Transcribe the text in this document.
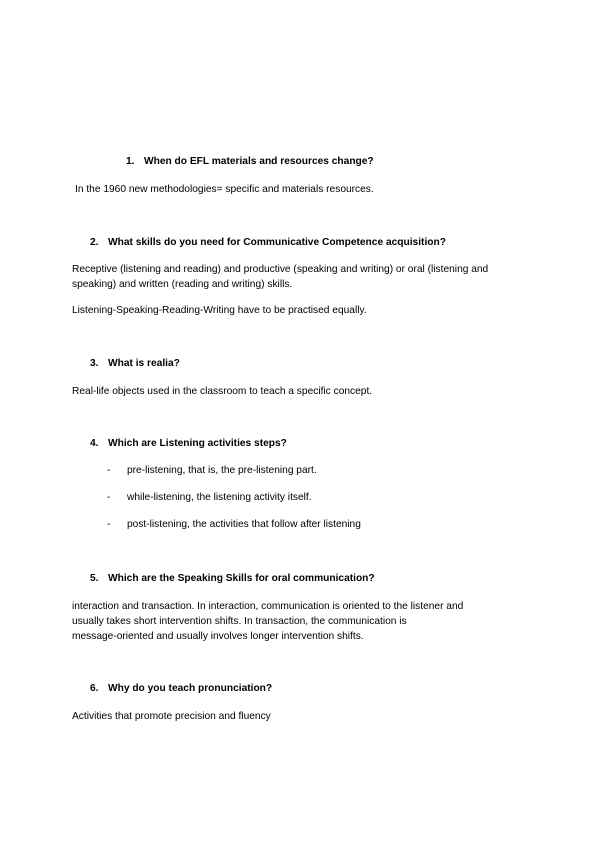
1. When do EFL materials and resources change?
In the 1960 new methodologies= specific and materials resources.
2. What skills do you need for Communicative Competence acquisition?
Receptive (listening and reading) and productive (speaking and writing) or oral (listening and
speaking) and written (reading and writing) skills.
Listening-Speaking-Reading-Writing have to be practised equally.
3. What is realia?
Real-life objects used in the classroom to teach a specific concept.
4. Which are Listening activities steps?
- pre-listening, that is, the pre-listening part.
- while-listening, the listening activity itself.
- post-listening, the activities that follow after listening
5. Which are the Speaking Skills for oral communication?
interaction and transaction. In interaction, communication is oriented to the listener and
usually takes short intervention shifts. In transaction, the communication is
message-oriented and usually involves longer intervention shifts.
6. Why do you teach pronunciation?
Activities that promote precision and fluency
